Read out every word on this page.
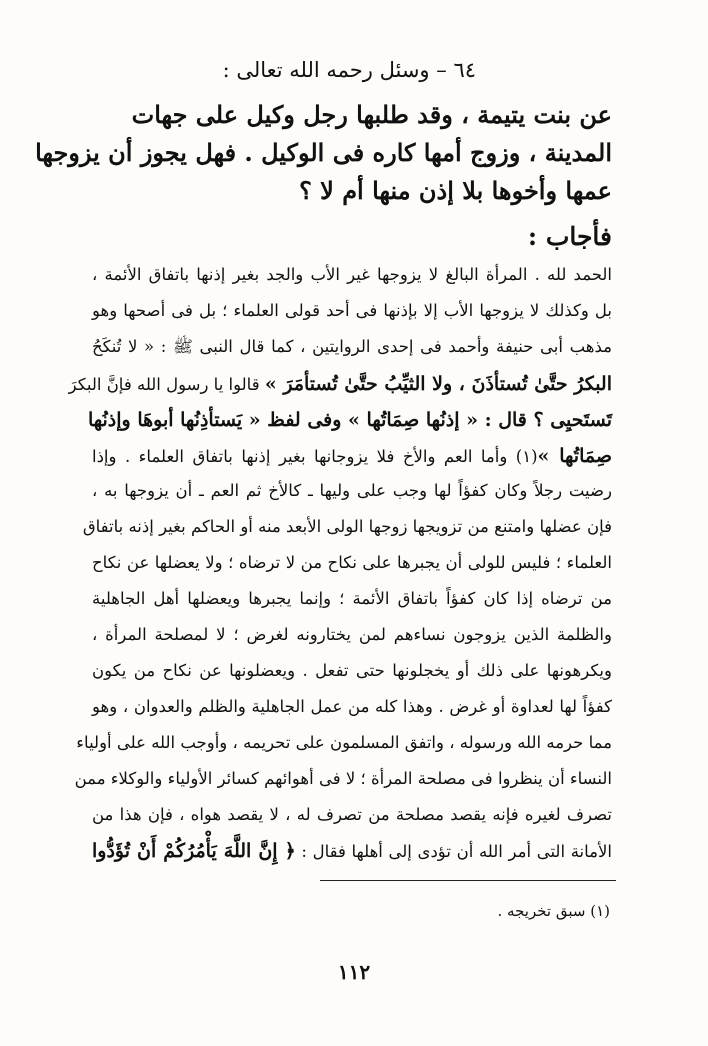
٦٤ – وسئل رحمه الله تعالى :
عن بنت يتيمة ، وقد طلبها رجل وكيل على جهات
المدينة ، وزوج أمها كاره فى الوكيل . فهل يجوز أن يزوجها
عمها وأخوها بلا إذن منها أم لا ؟
فأجاب :
الحمد لله . المرأة البالغ لا يزوجها غير الأب والجد بغير إذنها باتفاق الأئمة ،
بل وكذلك لا يزوجها الأب إلا بإذنها فى أحد قولى العلماء ؛ بل فى أصحها وهو
مذهب أبى حنيفة وأحمد فى إحدى الروايتين ، كما قال النبى ﷺ : « لا تُنكَحُ
البكرُ حتَّىٰ تُستأذَنَ ، ولا الثيِّبُ حتَّىٰ تُستأمَرَ » قالوا يا رسول الله فإنَّ البكرَ
تَستَحيِى ؟ قال : « إذنُها صِمَاتُها » وفى لفظ « يَستأذِنُها أبوهَا وإذنُها
صِمَاتُها »(١) وأما العم والأخ فلا يزوجانها بغير إذنها باتفاق العلماء . وإذا
رضيت رجلاً وكان كفؤاً لها وجب على وليها ـ كالأخ ثم العم ـ أن يزوجها به ،
فإن عضلها وامتنع من تزويجها زوجها الولى الأبعد منه أو الحاكم بغير إذنه باتفاق
العلماء ؛ فليس للولى أن يجبرها على نكاح من لا ترضاه ؛ ولا يعضلها عن نكاح
من ترضاه إذا كان كفؤاً باتفاق الأئمة ؛ وإنما يجبرها ويعضلها أهل الجاهلية
والظلمة الذين يزوجون نساءهم لمن يختارونه لغرض ؛ لا لمصلحة المرأة ،
ويكرهونها على ذلك أو يخجلونها حتى تفعل . ويعضلونها عن نكاح من يكون
كفؤاً لها لعداوة أو غرض . وهذا كله من عمل الجاهلية والظلم والعدوان ، وهو
مما حرمه الله ورسوله ، واتفق المسلمون على تحريمه ، وأوجب الله على أولياء
النساء أن ينظروا فى مصلحة المرأة ؛ لا فى أهوائهم كسائر الأولياء والوكلاء ممن
تصرف لغيره فإنه يقصد مصلحة من تصرف له ، لا يقصد هواه ، فإن هذا من
الأمانة التى أمر الله أن تؤدى إلى أهلها فقال : ﴿ إِنَّ اللَّهَ يَأْمُرُكُمْ أَنْ تُؤَدُّوا
(١) سبق تخريجه .
١١٢
